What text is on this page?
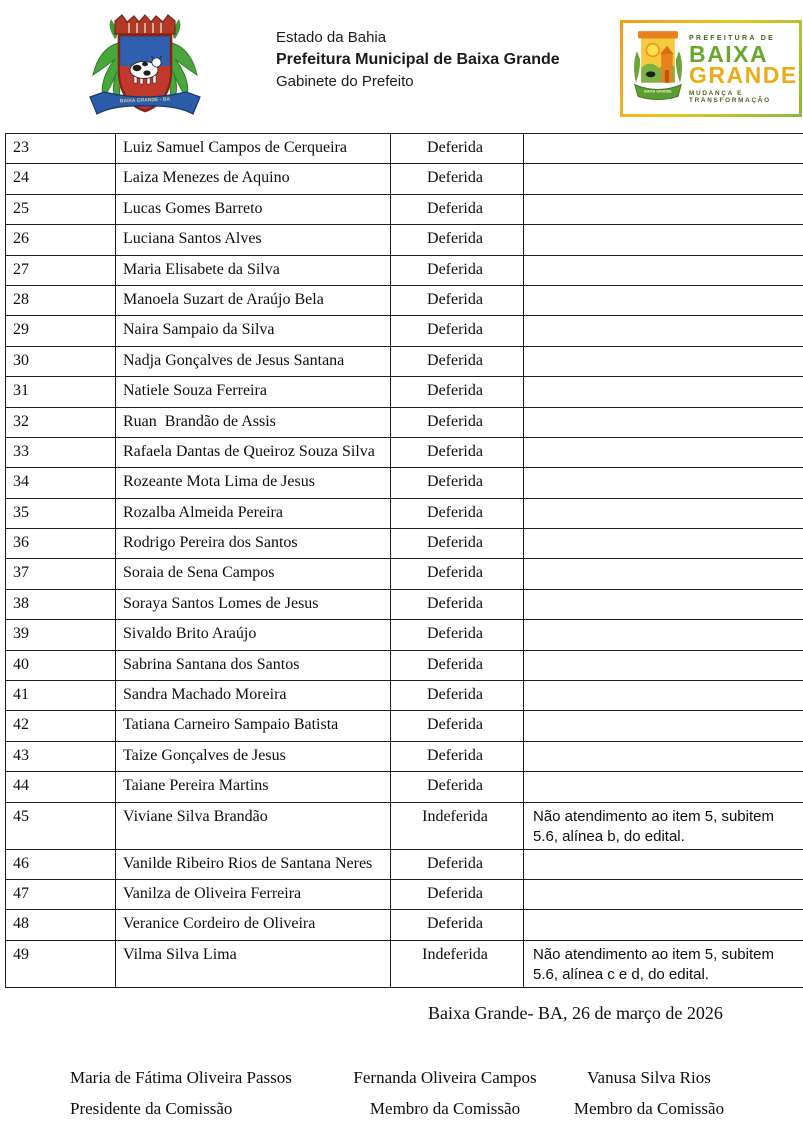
BAIXA GRANDE - BA
Estado da Bahia
Prefeitura Municipal de Baixa Grande
Gabinete do Prefeito
BAIXA GRANDE
PREFEITURA DE
BAIXA
GRANDE
MUDANÇA E TRANSFORMAÇÃO
23	Luiz Samuel Campos de Cerqueira	Deferida	
24	Laiza Menezes de Aquino	Deferida	
25	Lucas Gomes Barreto	Deferida	
26	Luciana Santos Alves	Deferida	
27	Maria Elisabete da Silva	Deferida	
28	Manoela Suzart de Araújo Bela	Deferida	
29	Naira Sampaio da Silva	Deferida	
30	Nadja Gonçalves de Jesus Santana	Deferida	
31	Natiele Souza Ferreira	Deferida	
32	Ruan  Brandão de Assis	Deferida	
33	Rafaela Dantas de Queiroz Souza Silva	Deferida	
34	Rozeante Mota Lima de Jesus	Deferida	
35	Rozalba Almeida Pereira	Deferida	
36	Rodrigo Pereira dos Santos	Deferida	
37	Soraia de Sena Campos	Deferida	
38	Soraya Santos Lomes de Jesus	Deferida	
39	Sivaldo Brito Araújo	Deferida	
40	Sabrina Santana dos Santos	Deferida	
41	Sandra Machado Moreira	Deferida	
42	Tatiana Carneiro Sampaio Batista	Deferida	
43	Taize Gonçalves de Jesus	Deferida	
44	Taiane Pereira Martins	Deferida	
45	Viviane Silva Brandão	Indeferida	Não atendimento ao item 5, subitem 5.6, alínea b, do edital.
46	Vanilde Ribeiro Rios de Santana Neres	Deferida	
47	Vanilza de Oliveira Ferreira	Deferida	
48	Veranice Cordeiro de Oliveira	Deferida	
49	Vilma Silva Lima	Indeferida	Não atendimento ao item 5, subitem 5.6, alínea c e d, do edital.
Baixa Grande- BA, 26 de março de 2026
Maria de Fátima Oliveira Passos
Presidente da Comissão
Fernanda Oliveira Campos
Membro da Comissão
Vanusa Silva Rios
Membro da Comissão
